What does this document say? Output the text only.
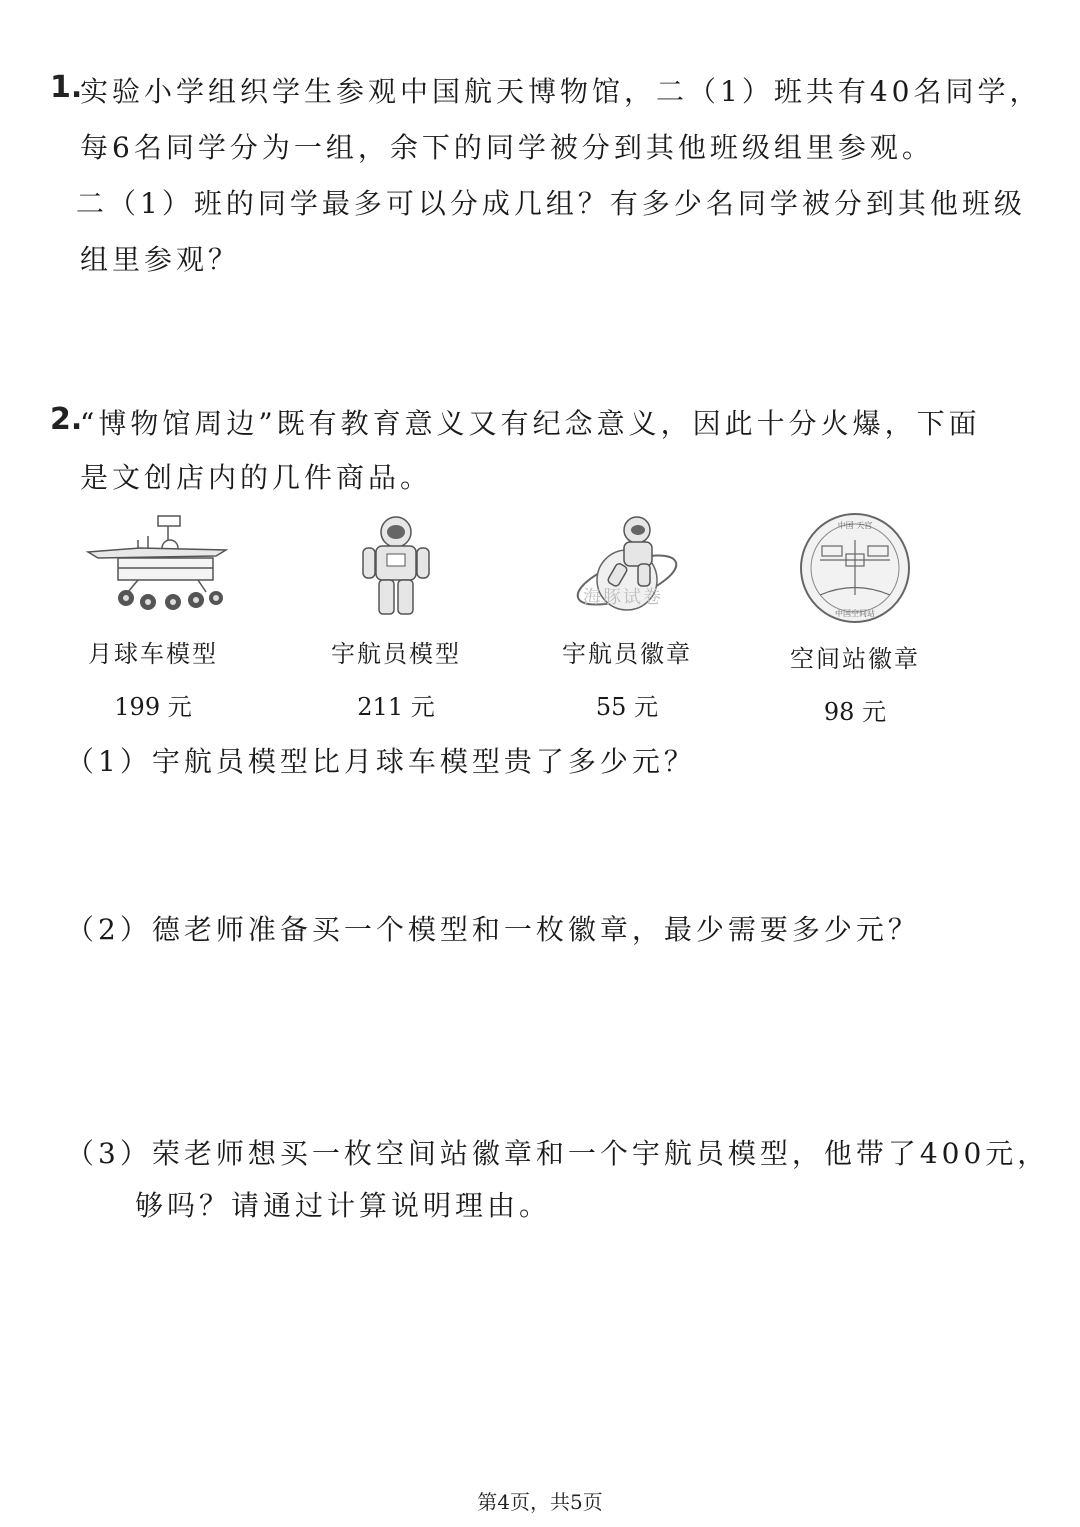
1.
实验小学组织学生参观中国航天博物馆，二（1）班共有40名同学，
每6名同学分为一组，余下的同学被分到其他班级组里参观。
二（1）班的同学最多可以分成几组？有多少名同学被分到其他班级
组里参观？
2.
“博物馆周边”既有教育意义又有纪念意义，因此十分火爆，下面
是文创店内的几件商品。
月球车模型
199 元
宇航员模型
211 元
宇航员徽章
55 元
中国 天宫
中国空间站
空间站徽章
98 元
海豚试卷
（1）宇航员模型比月球车模型贵了多少元？
（2）德老师准备买一个模型和一枚徽章，最少需要多少元？
（3）荣老师想买一枚空间站徽章和一个宇航员模型，他带了400元，
够吗？请通过计算说明理由。
第4页，共5页
